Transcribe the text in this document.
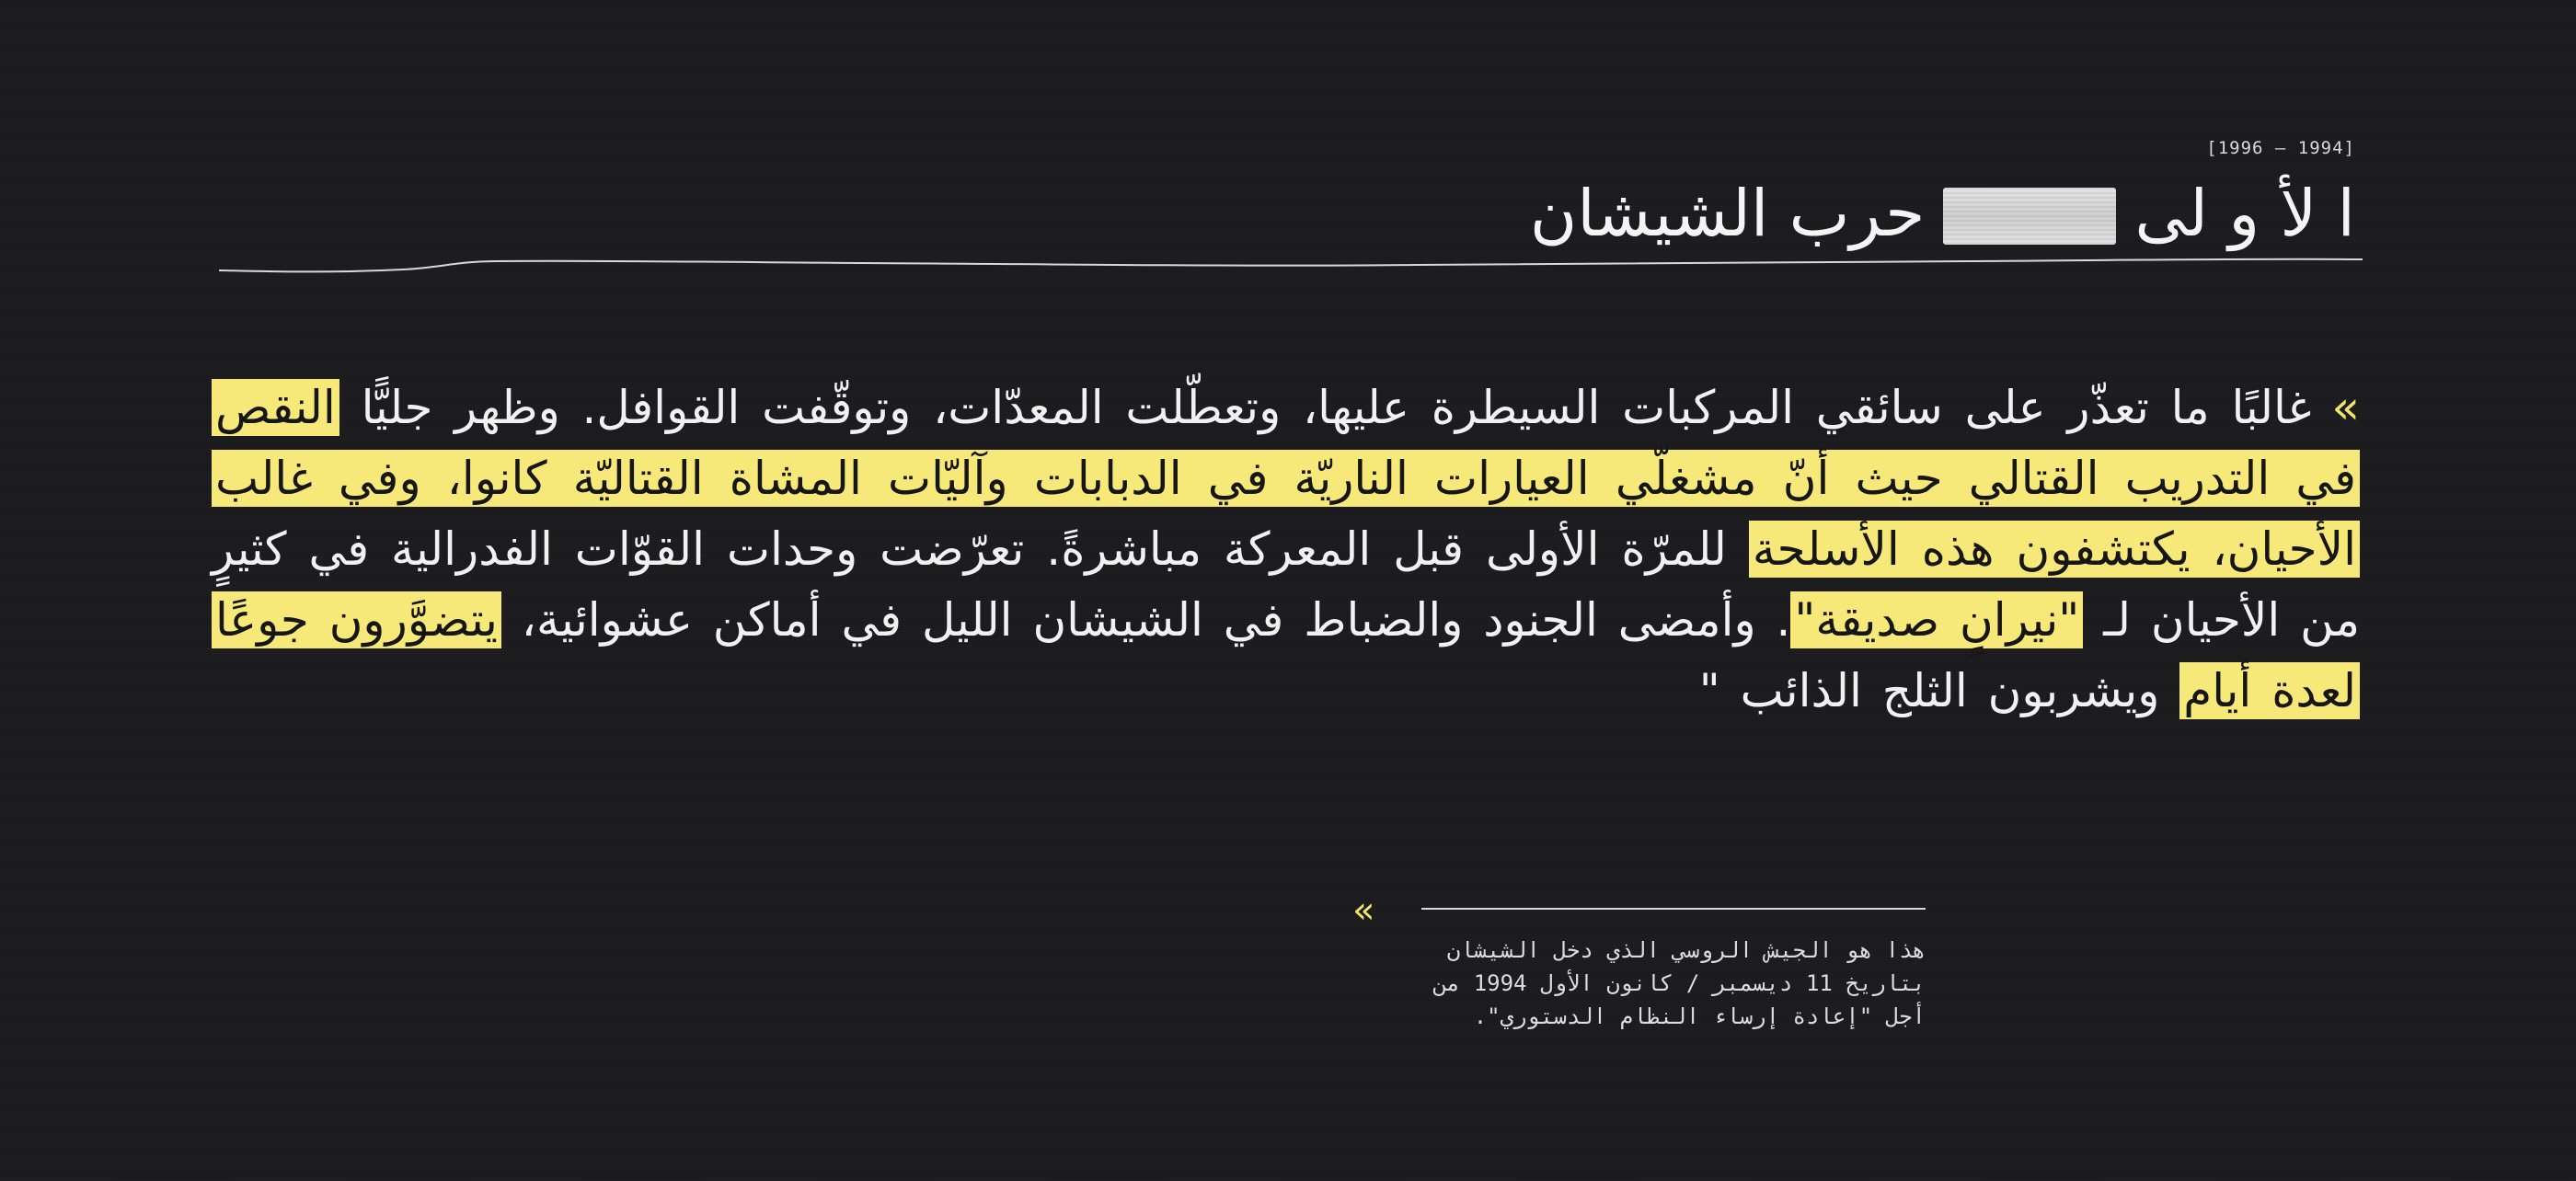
[1996 – 1994]
ا لأ و لى
حرب الشيشان
»غالبًا ما تعذّر على سائقي المركبات السيطرة عليها، وتعطّلت المعدّات، وتوقّفت القوافل. وظهر جليًّا النقص في التدريب القتالي حيث أنّ مشغلّي العيارات الناريّة في الدبابات وآليّات المشاة القتاليّة كانوا، وفي غالب الأحيان، يكتشفون هذه الأسلحة للمرّة الأولى قبل المعركة مباشرةً. تعرّضت وحدات القوّات الفدرالية في كثيرٍ من الأحيان لـ "نيرانٍ صديقة". وأمضى الجنود والضباط في الشيشان الليل في أماكن عشوائية، يتضوَّرون جوعًا لعدة أيام ويشربون الثلج الذائب "
«
هذا هو الجيش الروسي الذي دخل الشيشان بتاريخ 11 ديسمبر / كانون الأول 1994 من أجل "إعادة إرساء النظام الدستوري".
